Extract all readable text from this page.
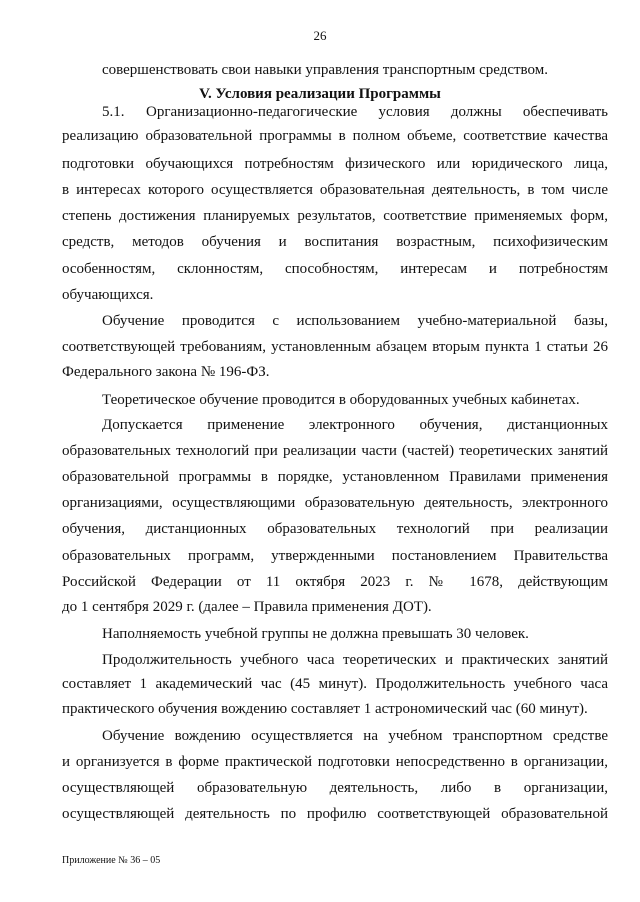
26
совершенствовать свои навыки управления транспортным средством.
V. Условия реализации Программы
5.1. Организационно-педагогические условия должны обеспечивать
реализацию образовательной программы в полном объеме, соответствие качества
подготовки обучающихся потребностям физического или юридического лица,
в интересах которого осуществляется образовательная деятельность, в том числе
степень достижения планируемых результатов, соответствие применяемых форм,
средств, методов обучения и воспитания возрастным, психофизическим
особенностям, склонностям, способностям, интересам и потребностям
обучающихся.
Обучение проводится с использованием учебно-материальной базы,
соответствующей требованиям, установленным абзацем вторым пункта 1 статьи 26
Федерального закона № 196-ФЗ.
Теоретическое обучение проводится в оборудованных учебных кабинетах.
Допускается применение электронного обучения, дистанционных
образовательных технологий при реализации части (частей) теоретических занятий
образовательной программы в порядке, установленном Правилами применения
организациями, осуществляющими образовательную деятельность, электронного
обучения, дистанционных образовательных технологий при реализации
образовательных программ, утвержденными постановлением Правительства
Российской Федерации от 11 октября 2023 г. № 1678, действующим
до 1 сентября 2029 г. (далее – Правила применения ДОТ).
Наполняемость учебной группы не должна превышать 30 человек.
Продолжительность учебного часа теоретических и практических занятий
составляет 1 академический час (45 минут). Продолжительность учебного часа
практического обучения вождению составляет 1 астрономический час (60 минут).
Обучение вождению осуществляется на учебном транспортном средстве
и организуется в форме практической подготовки непосредственно в организации,
осуществляющей образовательную деятельность, либо в организации,
осуществляющей деятельность по профилю соответствующей образовательной
Приложение № 36 – 05
